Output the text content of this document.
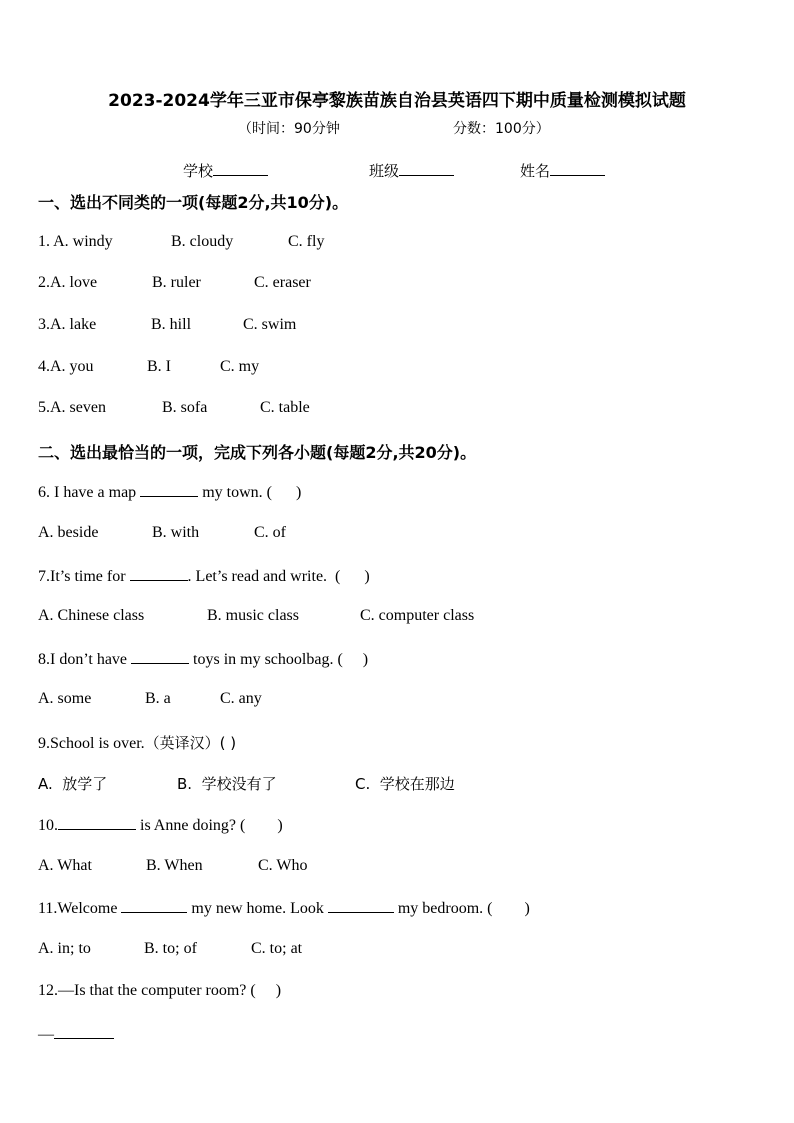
2023-2024学年三亚市保亭黎族苗族自治县英语四下期中质量检测模拟试题
（时间：90分钟	分数：100分）
学校	班级	姓名
一、选出不同类的一项(每题2分,共10分)。
1. A. windy	B. cloudy	C. fly
2.A. love	B. ruler	C. eraser
3.A. lake	B. hill	C. swim
4.A. you	B. I	C. my
5.A. seven	B. sofa	C. table
二、选出最恰当的一项，完成下列各小题(每题2分,共20分)。
6. I have a map	my town. (      )
A. beside	B. with	C. of
7.It’s time for	. Let’s read and write.  (      )
A. Chinese class	B. music class	C. computer class
8.I don’t have	toys in my schoolbag. (     )
A. some	B. a	C. any
9.School is over.（英译汉）( )
A.  放学了	B.  学校没有了	C.  学校在那边
10.	is Anne doing? (        )
A. What	B. When	C. Who
11.Welcome	my new home. Look	my bedroom. (        )
A. in; to	B. to; of	C. to; at
12.—Is that the computer room? (     )
—
